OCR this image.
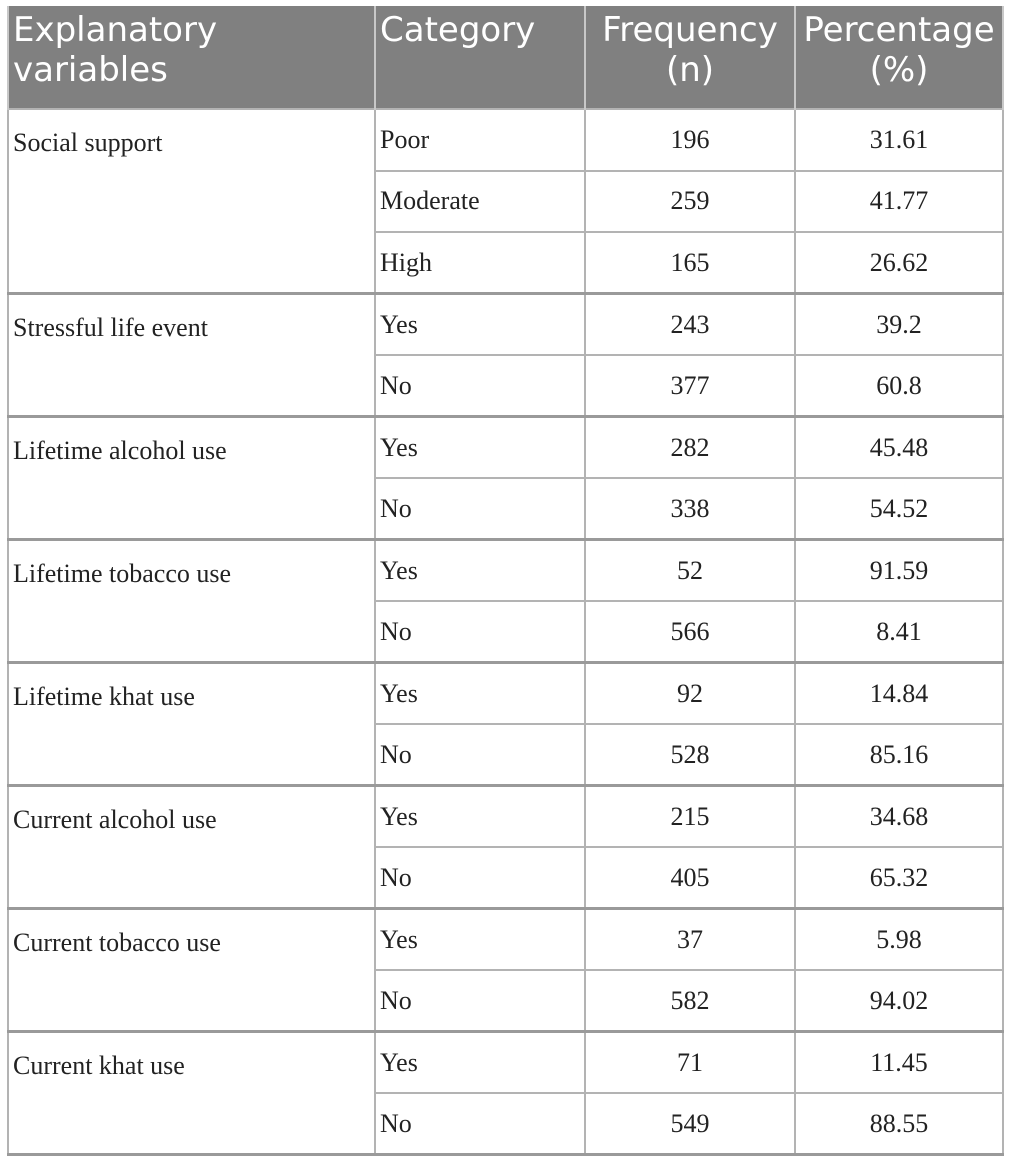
Explanatory variables	Category	Frequency (n)	Percentage (%)
Social support	Poor	196	31.61
	Moderate	259	41.77
	High	165	26.62
Stressful life event	Yes	243	39.2
	No	377	60.8
Lifetime alcohol use	Yes	282	45.48
	No	338	54.52
Lifetime tobacco use	Yes	52	91.59
	No	566	8.41
Lifetime khat use	Yes	92	14.84
	No	528	85.16
Current alcohol use	Yes	215	34.68
	No	405	65.32
Current tobacco use	Yes	37	5.98
	No	582	94.02
Current khat use	Yes	71	11.45
	No	549	88.55
